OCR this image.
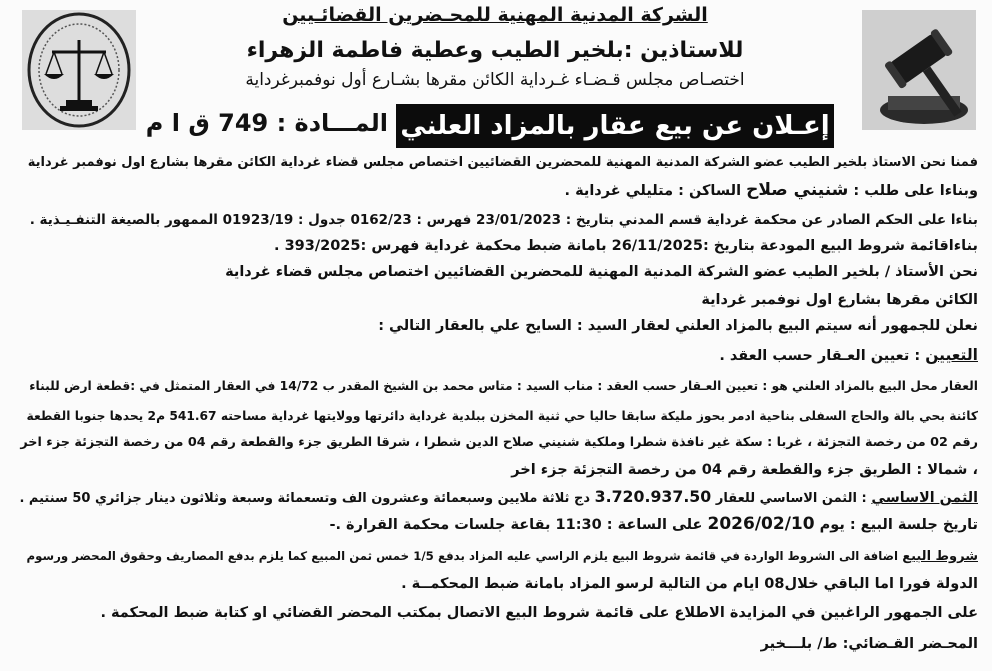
الشركة المدنية المهنية للمحـضرين القضائـيين
للاستاذين :بلخير الطيب وعطية فاطمة الزهراء
اختصـاص مجلس قـضـاء غـرداية الكائن مقرها بشـارع أول نوفمبرغرداية
إعـلان عن بيع عقار بالمزاد العلني
المـــادة : 749 ق ا م
فمنا نحن الاستاذ بلخير الطيب عضو الشركة المدنية المهنية للمحضرين القضائيين اختصاص مجلس قضاء غرداية الكائن مقرها بشارع اول نوفمبر غرداية
وبناءا على طلب : شنيني صلاح الساكن : متليلي غرداية .
بناءا على الحكم الصادر عن محكمة غرداية قسم المدني بتاريخ : 23/01/2023 فهرس : 0162/23 جدول : 01923/19 الممهور بالصيغة التنفـيـذية .
بناءاقائمة شروط البيع المودعة بتاريخ :26/11/2025 بامانة ضبط محكمة غرداية فهرس :393/2025 .
نحن الأستاذ / بلخير الطيب عضو الشركة المدنية المهنية للمحضرين القضائيين اختصاص مجلس قضاء غرداية
الكائن مقرها بشارع اول نوفمبر غرداية
نعلن للجمهور أنه سيتم البيع بالمزاد العلني لعقار السيد : السايح علي بالعقار التالي :
التعيين : تعيين العـقار حسب العقد .
العقار محل البيع بالمزاد العلني هو : تعيين العـقار حسب العقد : مناب السيد : متاس محمد بن الشيخ المقدر ب 14/72 في العقار المتمثل في :قطعة ارض للبناء
كائنة بحي بالة والحاج السفلى بناحية ادمر بحوز مليكة سابقا حاليا حي ثنية المخزن ببلدية غرداية دائرتها وولايتها غرداية مساحته 541.67 م2 يحدها جنوبا القطعة
رقم 02 من رخصة التجزئة ، غربا : سكة غير نافذة شطرا وملكية شنيني صلاح الدين شطرا ، شرقا الطريق جزء والقطعة رقم 04 من رخصة التجزئة جزء اخر
، شمالا : الطريق جزء والقطعة رقم 04 من رخصة التجزئة جزء اخر
الثمن الاساسي : الثمن الاساسي للعقار 3.720.937.50 دج ثلاثة ملايين وسبعمائة وعشرون الف وتسعمائة وسبعة وثلاثون دينار جزائري 50 سنتيم .
تاريخ جلسة البيع : يوم 2026/02/10 على الساعة : 11:30 بقاعة جلسات محكمة القرارة .-
شروط البيع اضافة الى الشروط الواردة في قائمة شروط البيع يلزم الراسي عليه المزاد بدفع 1/5 خمس ثمن المبيع كما يلزم بدفع المصاريف وحقوق المحضر ورسوم
الدولة فورا اما الباقي خلال08 ايام من التالية لرسو المزاد بامانة ضبط المحكمــة .
على الجمهور الراغبين في المزايدة الاطلاع على قائمة شروط البيع الاتصال بمكتب المحضر القضائي او كتابة ضبط المحكمة .
المحـضر القـضائي: ط/ بلـــخير
